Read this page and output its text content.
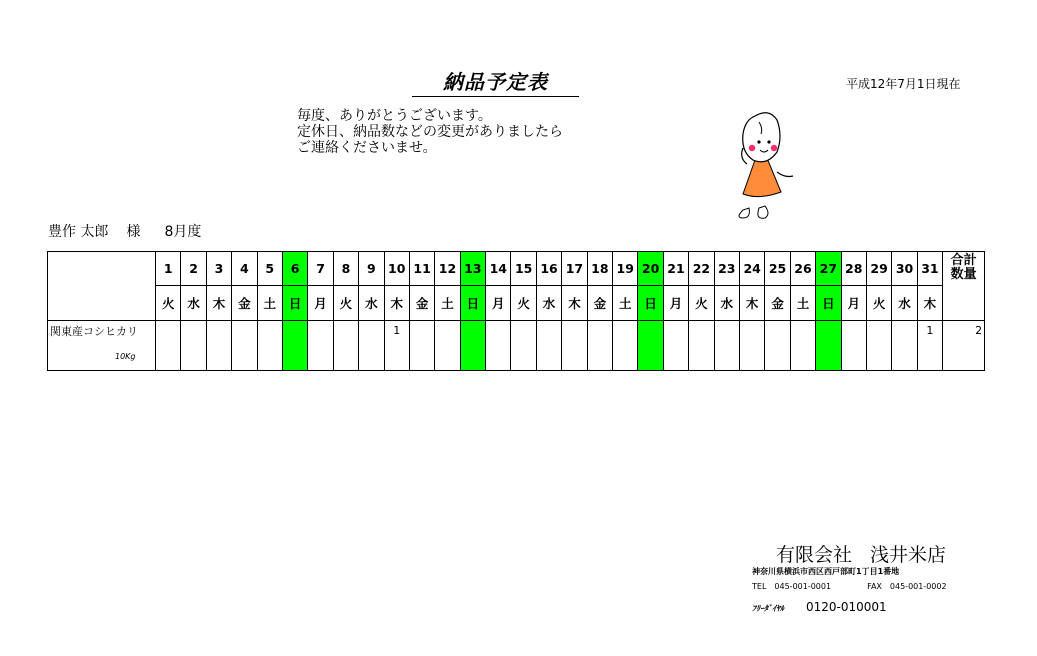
納品予定表	平成12年7月1日現在
毎度、ありがとうございます。
定休日、納品数などの変更がありましたら
ご連絡くださいませ。
豊作 太郎 様 8月度
	1	2	3	4	5	6	7	8	9	10	11	12	13	14	15	16	17	18	19	20	21	22	23	24	25	26	27	28	29	30	31	合計
数量

	火	水	木	金	土	日	月	火	水	木	金	土	日	月	火	水	木	金	土	日	月	火	水	木	金	土	日	月	火	水	木	

関東産コシヒカリ
10Kg										1																					1	2
有限会社 浅井米店
神奈川県横浜市西区西戸部町1丁目1番地
TEL 045-001-0001	FAX 045-001-0002
ﾌﾘｰﾀﾞｲﾔﾙ 0120-010001
